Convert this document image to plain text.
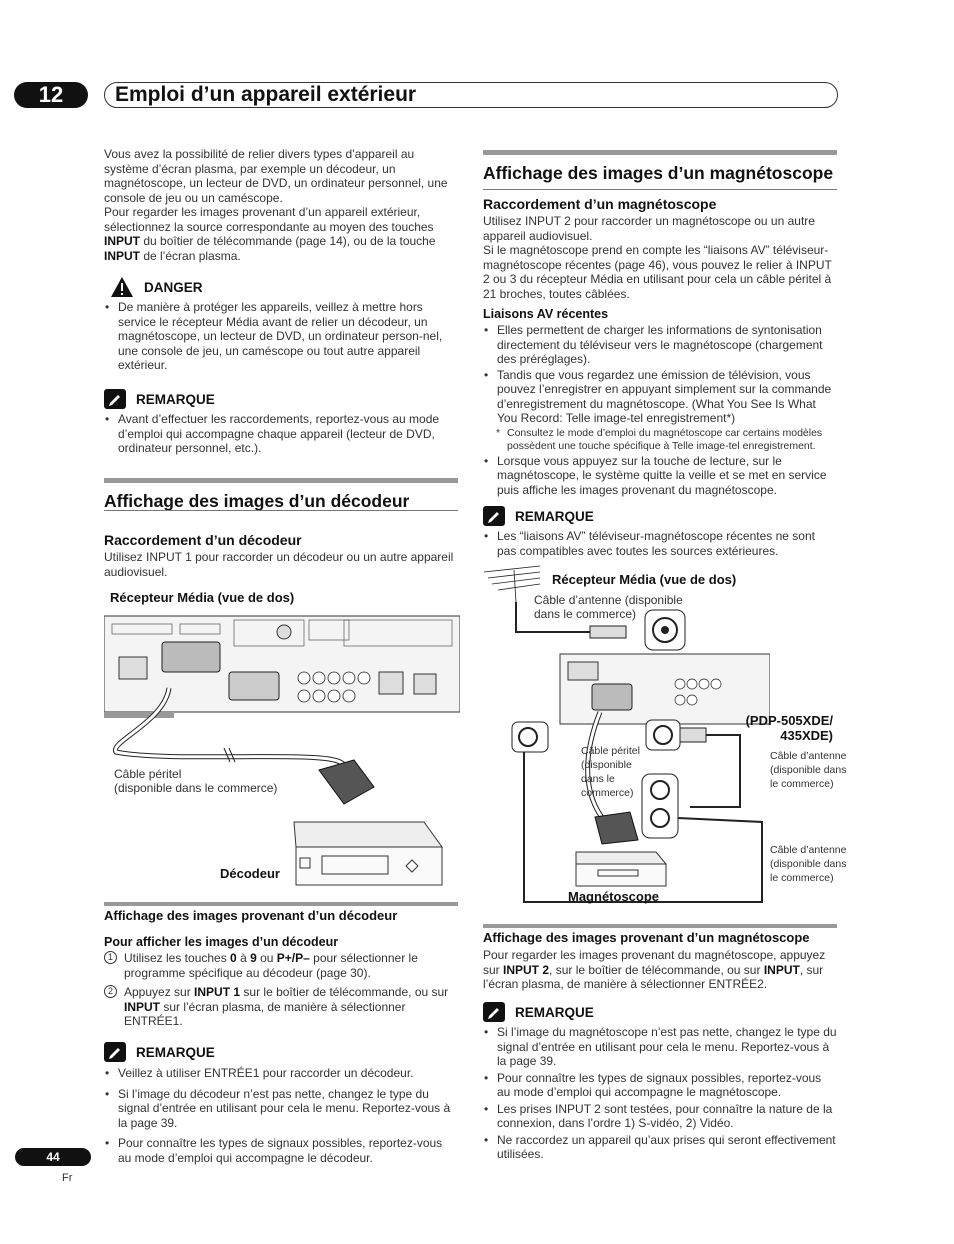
12	Emploi d’un appareil extérieur

Vous avez la possibilité de relier divers types d’appareil au système d’écran plasma, par exemple un décodeur, un magnétoscope, un lecteur de DVD, un ordinateur personnel, une console de jeu ou un caméscope.

Pour regarder les images provenant d’un appareil extérieur, sélectionnez la source correspondante au moyen des touches INPUT du boîtier de télécommande (page 14), ou de la touche INPUT de l’écran plasma.

DANGER
• De manière à protéger les appareils, veillez à mettre hors service le récepteur Média avant de relier un décodeur, un magnétoscope, un lecteur de DVD, un ordinateur person-nel, une console de jeu, un caméscope ou tout autre appareil extérieur.
REMARQUE
• Avant d’effectuer les raccordements, reportez-vous au mode d’emploi qui accompagne chaque appareil (lecteur de DVD, ordinateur personnel, etc.).
Affichage des images d’un décodeur
Raccordement d’un décodeur

Utilisez INPUT 1 pour raccorder un décodeur ou un autre appareil audiovisuel.

Récepteur Média (vue de dos)
Câble péritel
(disponible dans le commerce)
Décodeur
Affichage des images provenant d’un décodeur
Pour afficher les images d’un décodeur
1 Utilisez les touches 0 à 9 ou P+/P– pour sélectionner le programme spécifique au décodeur (page 30).
2 Appuyez sur INPUT 1 sur le boîtier de télécommande, ou sur INPUT sur l’écran plasma, de manière à sélectionner ENTRÉE1.
REMARQUE
• Veillez à utiliser ENTRÉE1 pour raccorder un décodeur.
• Si l’image du décodeur n’est pas nette, changez le type du signal d’entrée en utilisant pour cela le menu. Reportez-vous à la page 39.
• Pour connaître les types de signaux possibles, reportez-vous au mode d’emploi qui accompagne le décodeur.
Affichage des images d’un magnétoscope
Raccordement d’un magnétoscope

Utilisez INPUT 2 pour raccorder un magnétoscope ou un autre appareil audiovisuel.

Si le magnétoscope prend en compte les “liaisons AV” téléviseur-magnétoscope récentes (page 46), vous pouvez le relier à INPUT 2 ou 3 du récepteur Média en utilisant pour cela un câble péritel à 21 broches, toutes câblées.

Liaisons AV récentes
• Elles permettent de charger les informations de syntonisation directement du téléviseur vers le magnétoscope (chargement des préréglages).
• Tandis que vous regardez une émission de télévision, vous pouvez l’enregistrer en appuyant simplement sur la commande d’enregistrement du magnétoscope. (What You See Is What You Record: Telle image-tel enregistrement*)
* Consultez le mode d’emploi du magnétoscope car certains modèles possèdent une touche spécifique à Telle image-tel enregistrement.
• Lorsque vous appuyez sur la touche de lecture, sur le magnétoscope, le système quitte la veille et se met en service puis affiche les images provenant du magnétoscope.
REMARQUE
• Les “liaisons AV” téléviseur-magnétoscope récentes ne sont pas compatibles avec toutes les sources extérieures.
Récepteur Média (vue de dos)
Câble d’antenne (disponible
dans le commerce)
(PDP-505XDE/
435XDE)
Câble d’antenne
(disponible dans
le commerce)
Câble péritel
(disponible
dans le
commerce)
Câble d’antenne
(disponible dans
le commerce)
Magnétoscope
Affichage des images provenant d’un magnétoscope

Pour regarder les images provenant du magnétoscope, appuyez sur INPUT 2, sur le boîtier de télécommande, ou sur INPUT, sur l’écran plasma, de manière à sélectionner ENTRÉE2.

REMARQUE
• Si l’image du magnétoscope n’est pas nette, changez le type du signal d’entrée en utilisant pour cela le menu. Reportez-vous à la page 39.
• Pour connaître les types de signaux possibles, reportez-vous au mode d’emploi qui accompagne le magnétoscope.
• Les prises INPUT 2 sont testées, pour connaître la nature de la connexion, dans l’ordre 1) S-vidéo, 2) Vidéo.
• Ne raccordez un appareil qu’aux prises qui seront effectivement utilisées.
44
Fr
